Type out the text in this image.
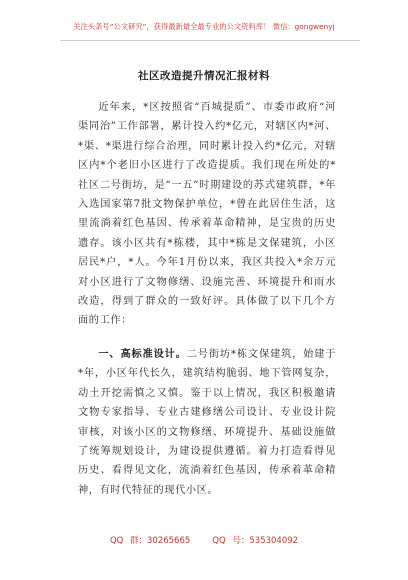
关注头条号“公文研究”，获得最新最全最专业的公文资料库！ 微信：gongwenyj
社区改造提升情况汇报材料

近年来，*区按照省“百城提质”、市委市政府“河渠同治”工作部署，累计投入约*亿元，对辖区内*河、*渠、*渠进行综合治理，同时累计投入约*亿元，对辖区内*个老旧小区进行了改造提质。我们现在所处的*社区二号街坊，是“一五”时期建设的苏式建筑群，*年入选国家第7批文物保护单位，*曾在此居住生活，这里流淌着红色基因、传承着革命精神，是宝贵的历史遗存。该小区共有*栋楼，其中*栋是文保建筑，小区居民*户，*人。今年1月份以来，我区共投入*余万元对小区进行了文物修缮、设施完善、环境提升和雨水改造，得到了群众的一致好评。具体做了以下几个方面的工作：

一、高标准设计。二号街坊*栋文保建筑，始建于*年，小区年代长久，建筑结构脆弱、地下管网复杂，动土开挖需慎之又慎。鉴于以上情况，我区积极邀请文物专家指导、专业古建修缮公司设计、专业设计院审核，对该小区的文物修缮、环境提升、基础设施做了统筹规划设计，为建设提供遵循。着力打造看得见历史、看得见文化，流淌着红色基因，传承着革命精神，有时代特征的现代小区。

QQ 群：30265665	QQ 号：535304092
